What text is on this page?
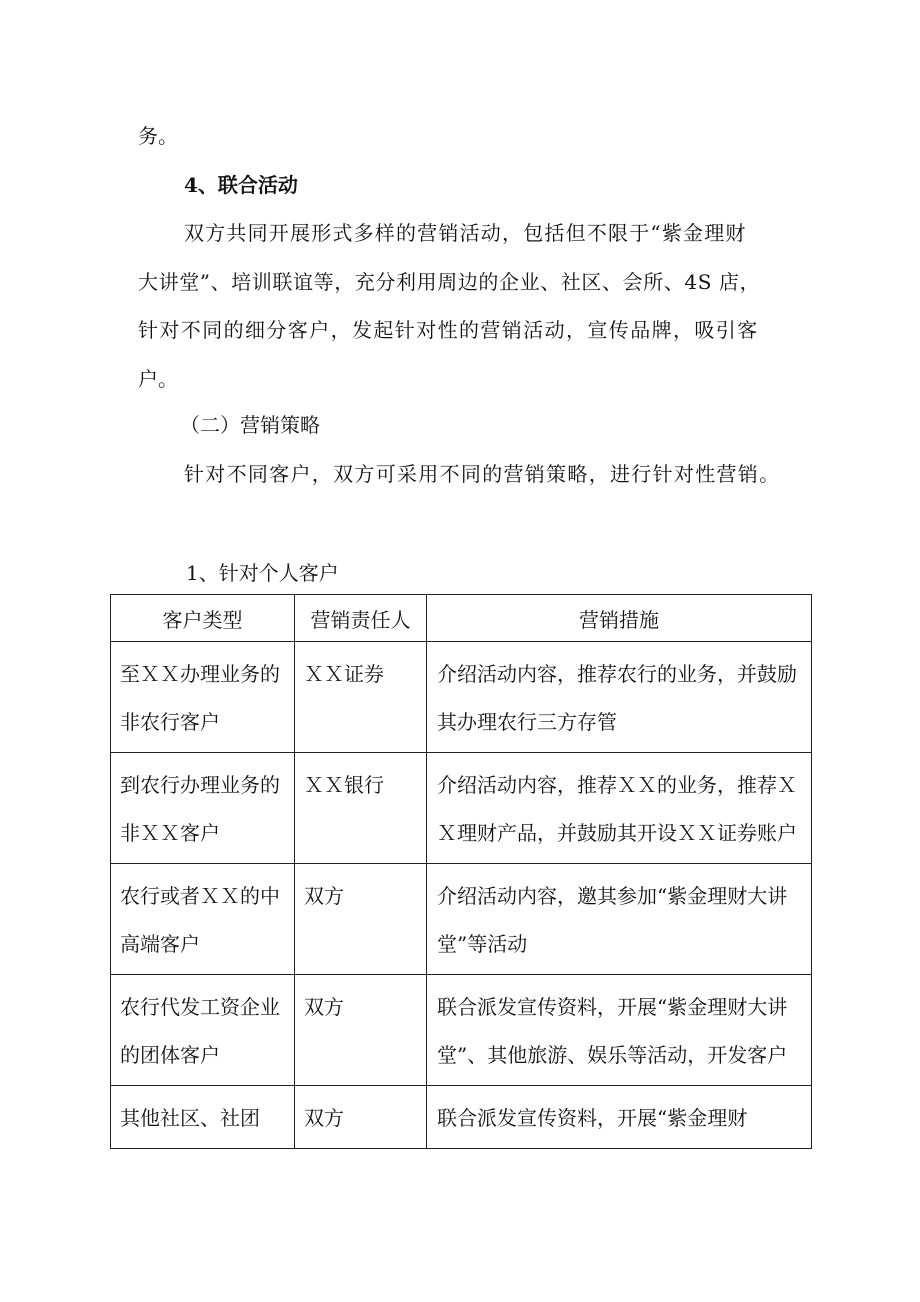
务。
4、联合活动
双方共同开展形式多样的营销活动，包括但不限于“紫金理财
大讲堂”、培训联谊等，充分利用周边的企业、社区、会所、4S 店，
针对不同的细分客户，发起针对性的营销活动，宣传品牌，吸引客
户。
（二）营销策略
针对不同客户，双方可采用不同的营销策略，进行针对性营销。
1、针对个人客户
客户类型	营销责任人	营销措施

至ＸＸ办理业务的非农行客户	ＸＸ证券	介绍活动内容，推荐农行的业务，并鼓励其办理农行三方存管

到农行办理业务的非ＸＸ客户	ＸＸ银行	介绍活动内容，推荐ＸＸ的业务，推荐ＸＸ理财产品，并鼓励其开设ＸＸ证券账户

农行或者ＸＸ的中高端客户	双方	介绍活动内容，邀其参加“紫金理财大讲堂”等活动

农行代发工资企业的团体客户	双方	联合派发宣传资料，开展“紫金理财大讲堂”、其他旅游、娱乐等活动，开发客户

其他社区、社团	双方	联合派发宣传资料，开展“紫金理财
